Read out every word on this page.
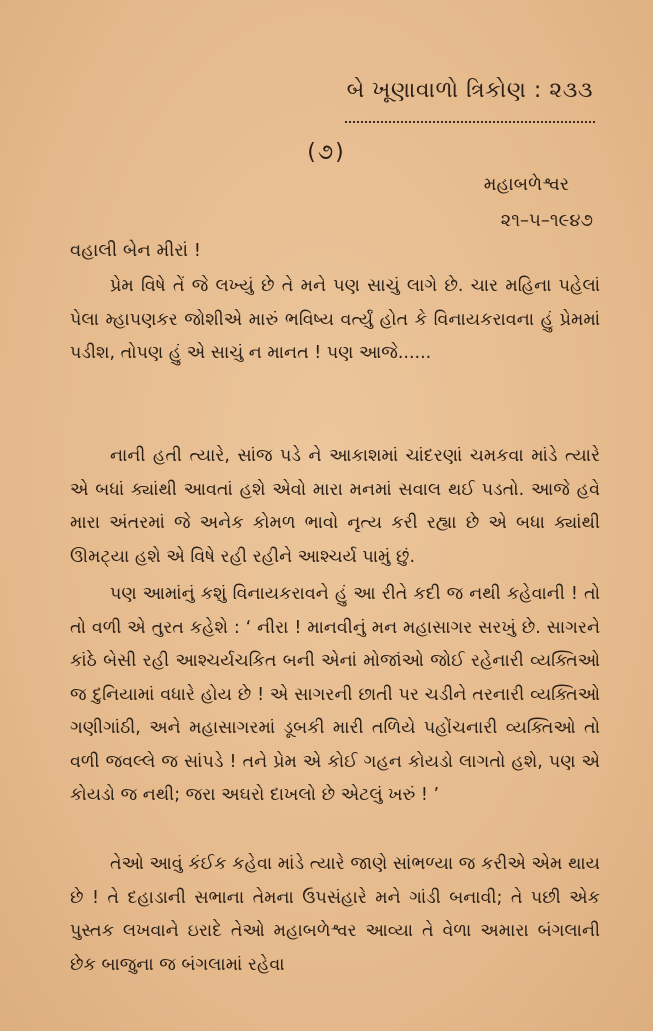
બે ખૂણાવાળો ત્રિકોણ : ૨૩૩
(૭)
મહાબળેશ્વર
૨૧–૫–૧૯૪૭
વહાલી બેન મીરાં !

પ્રેમ વિષે તેં જે લખ્યું છે તે મને પણ સાચું લાગે છે. ચાર મહિના પહેલાં પેલા મ્હાપણકર જોશીએ મારું ભવિષ્ય વર્ત્યું હોત કે વિનાયકરાવના હું પ્રેમમાં પડીશ, તોપણ હું એ સાચું ન માનત ! પણ આજે......

નાની હતી ત્યારે, સાંજ પડે ને આકાશમાં ચાંદરણાં ચમકવા માંડે ત્યારે એ બધાં ક્યાંથી આવતાં હશે એવો મારા મનમાં સવાલ થઈ પડતો. આજે હવે મારા અંતરમાં જે અનેક કોમળ ભાવો નૃત્ય કરી રહ્યા છે એ બધા ક્યાંથી ઊમટ્યા હશે એ વિષે રહી રહીને આશ્ચર્ય પામું છું.

પણ આમાંનું કશું વિનાયકરાવને હું આ રીતે કદી જ નથી કહેવાની ! તો તો વળી એ તુરત કહેશે : ‘ નીરા ! માનવીનું મન મહાસાગર સરખું છે. સાગરને કાંઠે બેસી રહી આશ્ચર્યચકિત બની એનાં મોજાંઓ જોઈ રહેનારી વ્યક્તિઓ જ દુનિયામાં વધારે હોય છે ! એ સાગરની છાતી પર ચડીને તરનારી વ્યક્તિઓ ગણીગાંઠી, અને મહાસાગરમાં ડૂબકી મારી તળિયે પહોંચનારી વ્યક્તિઓ તો વળી જવલ્લે જ સાંપડે ! તને પ્રેમ એ કોઈ ગહન કોયડો લાગતો હશે, પણ એ કોયડો જ નથી; જરા અઘરો દાખલો છે એટલું ખરું ! ’

તેઓ આવું કંઈક કહેવા માંડે ત્યારે જાણે સાંભળ્યા જ કરીએ એમ થાય છે ! તે દહાડાની સભાના તેમના ઉપસંહારે મને ગાંડી બનાવી; તે પછી એક પુસ્તક લખવાને ઇરાદે તેઓ મહાબળેશ્વર આવ્યા તે વેળા અમારા બંગલાની છેક બાજુના જ બંગલામાં રહેવા
